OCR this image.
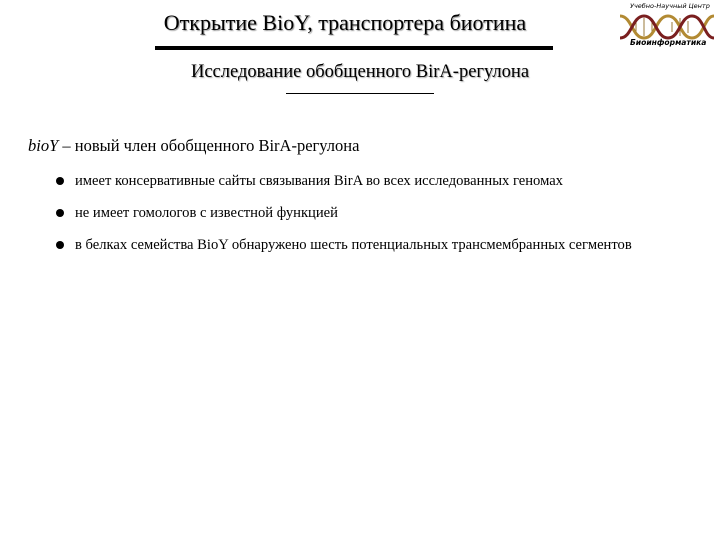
Открытие BioY, транспортера биотина
Учебно-Научный Центр
Биоинформатика
Исследование обобщенного BirA-регулона
bioY – новый член обобщенного BirA-регулона
имеет консервативные сайты связывания BirA во всех исследованных геномах
не имеет гомологов с известной функцией
в белках семейства BioY обнаружено шесть потенциальных трансмембранных сегментов
